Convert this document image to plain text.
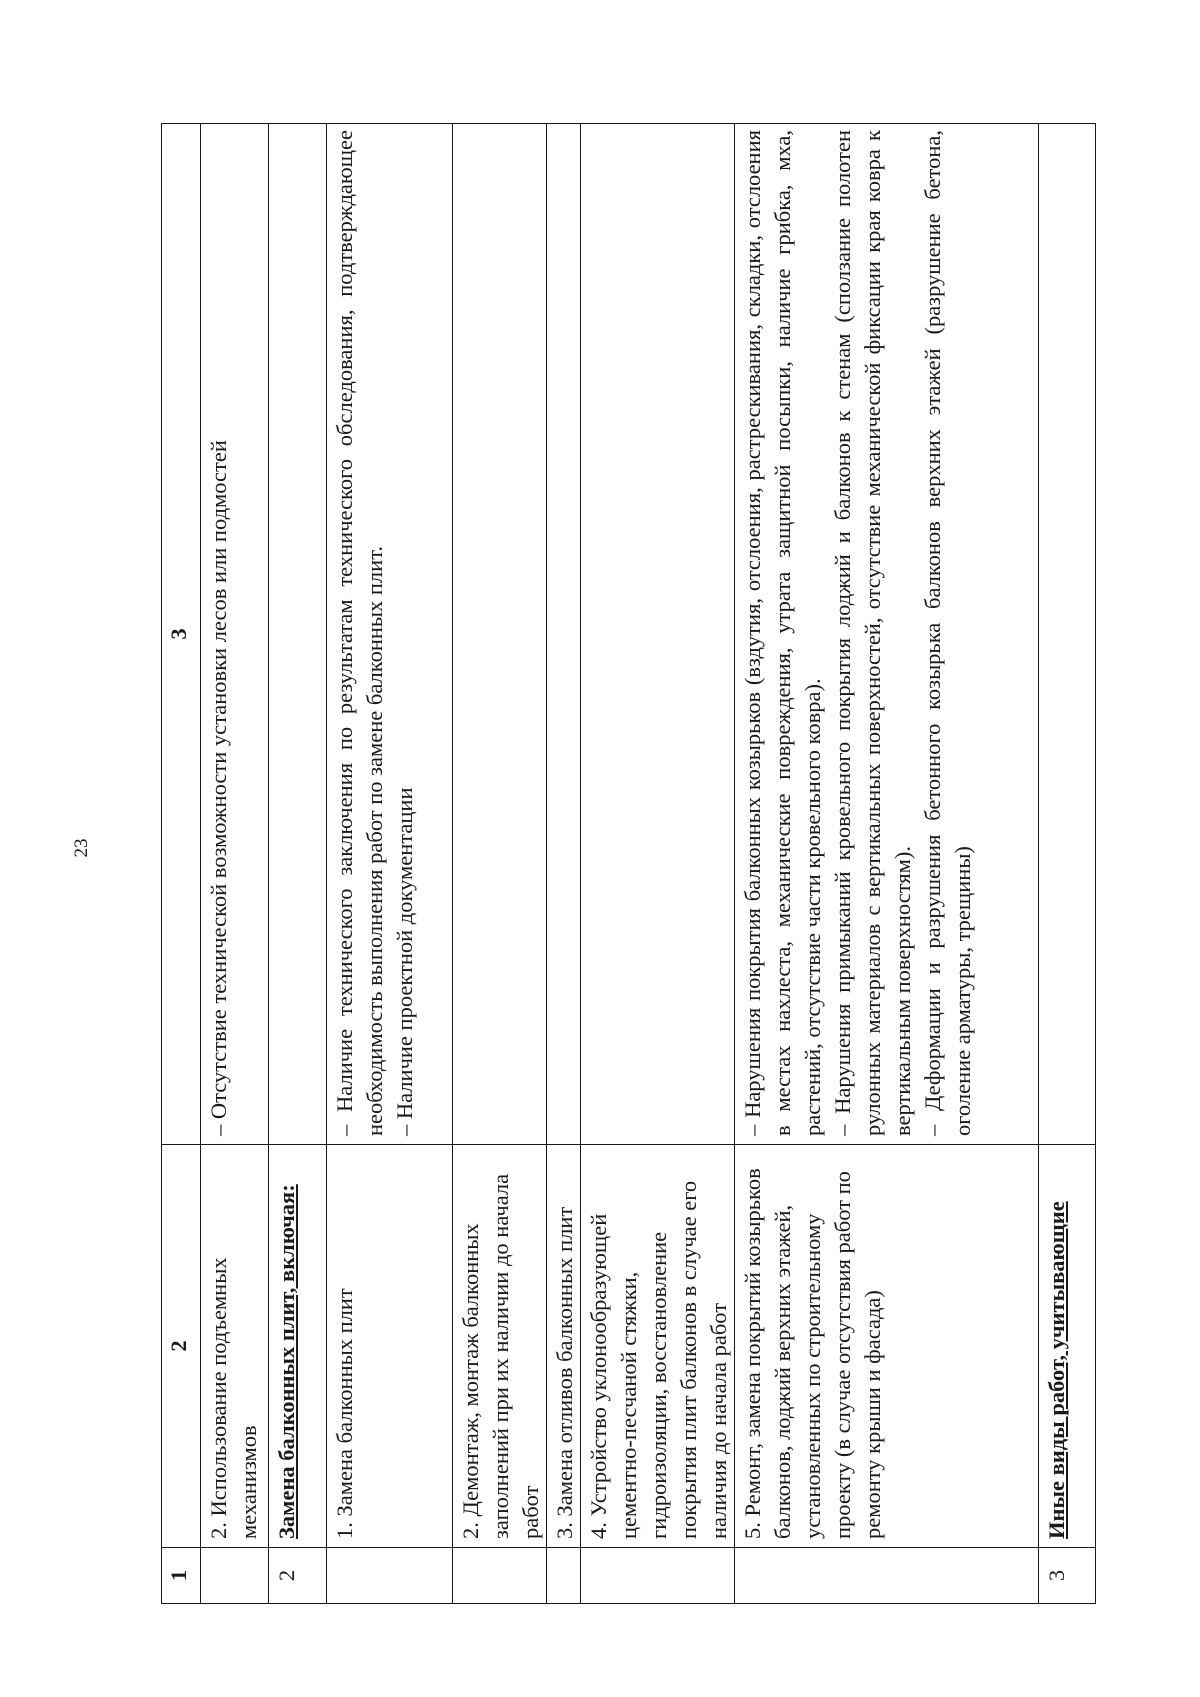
23
1	2	3
	2. Использование подъемных механизмов	– Отсутствие технической возможности установки лесов или подмостей

2	Замена балконных плит, включая:	
	1. Замена балконных плит	– Наличие технического заключения по результатам технического обследования, подтверждающее необходимость выполнения работ по замене балконных плит. – Наличие проектной документации

	2. Демонтаж, монтаж балконных заполнений при их наличии до начала работ	
	3. Замена отливов балконных плит	
	4. Устройство уклонообразующей цементно-песчаной стяжки, гидроизоляции, восстановление покрытия плит балконов в случае его наличия до начала работ	
	5. Ремонт, замена покрытий козырьков балконов, лоджий верхних этажей, установленных по строительному проекту (в случае отсутствия работ по ремонту крыши и фасада)	– Нарушения покрытия балконных козырьков (вздутия, отслоения, растрескивания, складки, отслоения в местах нахлеста, механические повреждения, утрата защитной посыпки, наличие грибка, мха, растений, отсутствие части кровельного ковра). – Нарушения примыканий кровельного покрытия лоджий и балконов к стенам (сползание полотен рулонных материалов с вертикальных поверхностей, отсутствие механической фиксации края ковра к вертикальным поверхностям). – Деформации и разрушения бетонного козырька балконов верхних этажей (разрушение бетона, оголение арматуры, трещины)

3	Иные виды работ, учитывающие	
